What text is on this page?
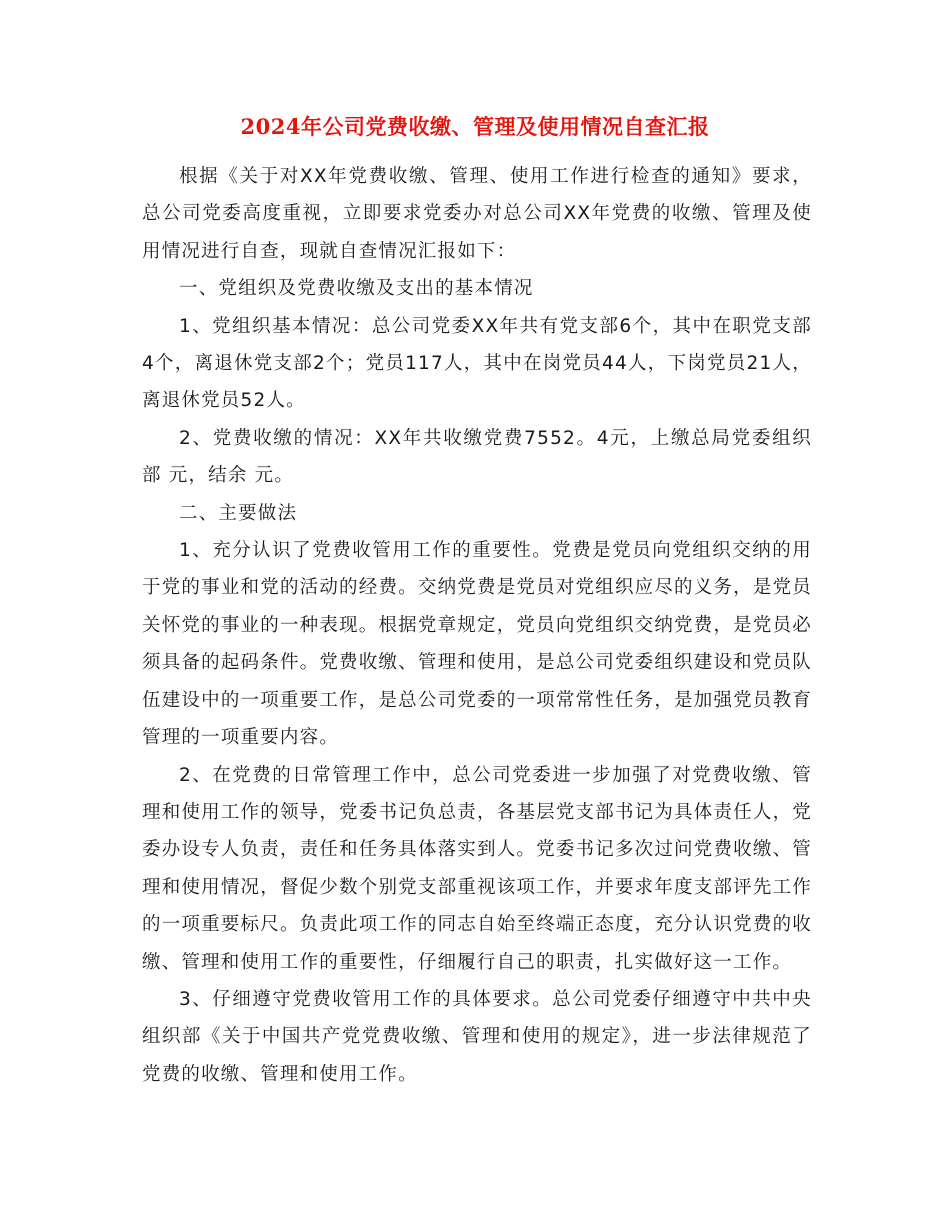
2024年公司党费收缴、管理及使用情况自查汇报

根据《关于对XX年党费收缴、管理、使用工作进行检查的通知》要求，总公司党委高度重视，立即要求党委办对总公司XX年党费的收缴、管理及使用情况进行自查，现就自查情况汇报如下：

一、党组织及党费收缴及支出的基本情况

1、党组织基本情况：总公司党委XX年共有党支部6个，其中在职党支部4个，离退休党支部2个；党员117人，其中在岗党员44人，下岗党员21人，离退休党员52人。

2、党费收缴的情况：XX年共收缴党费7552。4元，上缴总局党委组织部 元，结余 元。

二、主要做法

1、充分认识了党费收管用工作的重要性。党费是党员向党组织交纳的用于党的事业和党的活动的经费。交纳党费是党员对党组织应尽的义务，是党员关怀党的事业的一种表现。根据党章规定，党员向党组织交纳党费，是党员必须具备的起码条件。党费收缴、管理和使用，是总公司党委组织建设和党员队伍建设中的一项重要工作，是总公司党委的一项常常性任务，是加强党员教育管理的一项重要内容。

2、在党费的日常管理工作中，总公司党委进一步加强了对党费收缴、管理和使用工作的领导，党委书记负总责，各基层党支部书记为具体责任人，党委办设专人负责，责任和任务具体落实到人。党委书记多次过问党费收缴、管理和使用情况，督促少数个别党支部重视该项工作，并要求年度支部评先工作的一项重要标尺。负责此项工作的同志自始至终端正态度，充分认识党费的收缴、管理和使用工作的重要性，仔细履行自己的职责，扎实做好这一工作。

3、仔细遵守党费收管用工作的具体要求。总公司党委仔细遵守中共中央组织部《关于中国共产党党费收缴、管理和使用的规定》，进一步法律规范了党费的收缴、管理和使用工作。
